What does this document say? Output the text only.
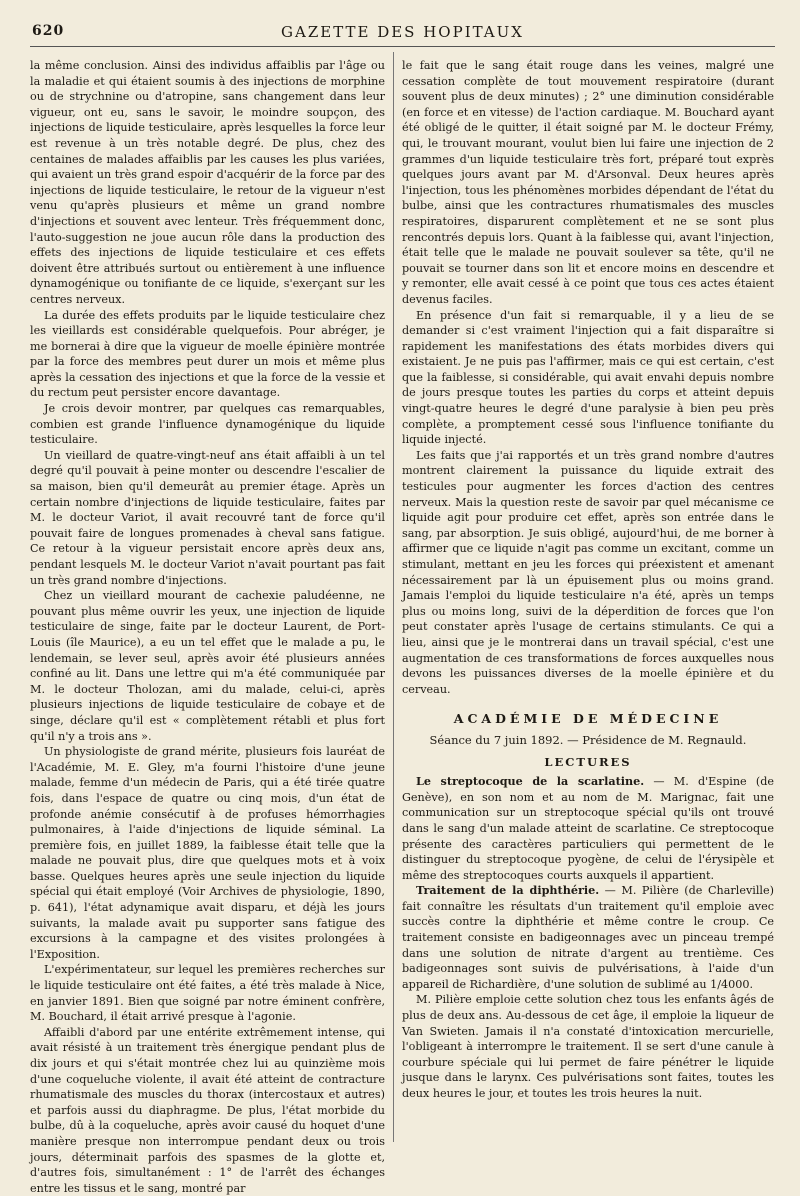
620	GAZETTE DES HOPITAUX

la même conclusion. Ainsi des individus affaiblis par l'âge ou la maladie et qui étaient soumis à des injections de morphine ou de strychnine ou d'atropine, sans changement dans leur vigueur, ont eu, sans le savoir, le moindre soupçon, des injections de liquide testiculaire, après lesquelles la force leur est revenue à un très notable degré. De plus, chez des centaines de malades affaiblis par les causes les plus variées, qui avaient un très grand espoir d'acquérir de la force par des injections de liquide testiculaire, le retour de la vigueur n'est venu qu'après plusieurs et même un grand nombre d'injections et souvent avec lenteur. Très fréquemment donc, l'auto-suggestion ne joue aucun rôle dans la production des effets des injections de liquide testiculaire et ces effets doivent être attribués surtout ou entièrement à une influence dynamogénique ou tonifiante de ce liquide, s'exerçant sur les centres nerveux.

La durée des effets produits par le liquide testiculaire chez les vieillards est considérable quelquefois. Pour abréger, je me bornerai à dire que la vigueur de moelle épinière montrée par la force des membres peut durer un mois et même plus après la cessation des injections et que la force de la vessie et du rectum peut persister encore davantage.

Je crois devoir montrer, par quelques cas remarquables, combien est grande l'influence dynamogénique du liquide testiculaire.

Un vieillard de quatre-vingt-neuf ans était affaibli à un tel degré qu'il pouvait à peine monter ou descendre l'escalier de sa maison, bien qu'il demeurât au premier étage. Après un certain nombre d'injections de liquide testiculaire, faites par M. le docteur Variot, il avait recouvré tant de force qu'il pouvait faire de longues promenades à cheval sans fatigue. Ce retour à la vigueur persistait encore après deux ans, pendant lesquels M. le docteur Variot n'avait pourtant pas fait un très grand nombre d'injections.

Chez un vieillard mourant de cachexie paludéenne, ne pouvant plus même ouvrir les yeux, une injection de liquide testiculaire de singe, faite par le docteur Laurent, de Port-Louis (île Maurice), a eu un tel effet que le malade a pu, le lendemain, se lever seul, après avoir été plusieurs années confiné au lit. Dans une lettre qui m'a été communiquée par M. le docteur Tholozan, ami du malade, celui-ci, après plusieurs injections de liquide testiculaire de cobaye et de singe, déclare qu'il est « complètement rétabli et plus fort qu'il n'y a trois ans ».

Un physiologiste de grand mérite, plusieurs fois lauréat de l'Académie, M. E. Gley, m'a fourni l'histoire d'une jeune malade, femme d'un médecin de Paris, qui a été tirée quatre fois, dans l'espace de quatre ou cinq mois, d'un état de profonde anémie consécutif à de profuses hémorrhagies pulmonaires, à l'aide d'injections de liquide séminal. La première fois, en juillet 1889, la faiblesse était telle que la malade ne pouvait plus, dire que quelques mots et à voix basse. Quelques heures après une seule injection du liquide spécial qui était employé (Voir Archives de physiologie, 1890, p. 641), l'état adynamique avait disparu, et déjà les jours suivants, la malade avait pu supporter sans fatigue des excursions à la campagne et des visites prolongées à l'Exposition.

L'expérimentateur, sur lequel les premières recherches sur le liquide testiculaire ont été faites, a été très malade à Nice, en janvier 1891. Bien que soigné par notre éminent confrère, M. Bouchard, il était arrivé presque à l'agonie.

Affaibli d'abord par une entérite extrêmement intense, qui avait résisté à un traitement très énergique pendant plus de dix jours et qui s'était montrée chez lui au quinzième mois d'une coqueluche violente, il avait été atteint de contracture rhumatismale des muscles du thorax (intercostaux et autres) et parfois aussi du diaphragme. De plus, l'état morbide du bulbe, dû à la coqueluche, après avoir causé du hoquet d'une manière presque non interrompue pendant deux ou trois jours, déterminait parfois des spasmes de la glotte et, d'autres fois, simultanément : 1° de l'arrêt des échanges entre les tissus et le sang, montré par

le fait que le sang était rouge dans les veines, malgré une cessation complète de tout mouvement respiratoire (durant souvent plus de deux minutes) ; 2° une diminution considérable (en force et en vitesse) de l'action cardiaque. M. Bouchard ayant été obligé de le quitter, il était soigné par M. le docteur Frémy, qui, le trouvant mourant, voulut bien lui faire une injection de 2 grammes d'un liquide testiculaire très fort, préparé tout exprès quelques jours avant par M. d'Arsonval. Deux heures après l'injection, tous les phénomènes morbides dépendant de l'état du bulbe, ainsi que les contractures rhumatismales des muscles respiratoires, disparurent complètement et ne se sont plus rencontrés depuis lors. Quant à la faiblesse qui, avant l'injection, était telle que le malade ne pouvait soulever sa tête, qu'il ne pouvait se tourner dans son lit et encore moins en descendre et y remonter, elle avait cessé à ce point que tous ces actes étaient devenus faciles.

En présence d'un fait si remarquable, il y a lieu de se demander si c'est vraiment l'injection qui a fait disparaître si rapidement les manifestations des états morbides divers qui existaient. Je ne puis pas l'affirmer, mais ce qui est certain, c'est que la faiblesse, si considérable, qui avait envahi depuis nombre de jours presque toutes les parties du corps et atteint depuis vingt-quatre heures le degré d'une paralysie à bien peu près complète, a promptement cessé sous l'influence tonifiante du liquide injecté.

Les faits que j'ai rapportés et un très grand nombre d'autres montrent clairement la puissance du liquide extrait des testicules pour augmenter les forces d'action des centres nerveux. Mais la question reste de savoir par quel mécanisme ce liquide agit pour produire cet effet, après son entrée dans le sang, par absorption. Je suis obligé, aujourd'hui, de me borner à affirmer que ce liquide n'agit pas comme un excitant, comme un stimulant, mettant en jeu les forces qui préexistent et amenant nécessairement par là un épuisement plus ou moins grand. Jamais l'emploi du liquide testiculaire n'a été, après un temps plus ou moins long, suivi de la déperdition de forces que l'on peut constater après l'usage de certains stimulants. Ce qui a lieu, ainsi que je le montrerai dans un travail spécial, c'est une augmentation de ces transformations de forces auxquelles nous devons les puissances diverses de la moelle épinière et du cerveau.

ACADÉMIE DE MÉDECINE
Séance du 7 juin 1892. — Présidence de M. Regnauld.
LECTURES

Le streptocoque de la scarlatine. — M. d'Espine (de Genève), en son nom et au nom de M. Marignac, fait une communication sur un streptocoque spécial qu'ils ont trouvé dans le sang d'un malade atteint de scarlatine. Ce streptocoque présente des caractères particuliers qui permettent de le distinguer du streptocoque pyogène, de celui de l'érysipèle et même des streptocoques courts auxquels il appartient.

Traitement de la diphthérie. — M. Pilière (de Charleville) fait connaître les résultats d'un traitement qu'il emploie avec succès contre la diphthérie et même contre le croup. Ce traitement consiste en badigeonnages avec un pinceau trempé dans une solution de nitrate d'argent au trentième. Ces badigeonnages sont suivis de pulvérisations, à l'aide d'un appareil de Richardière, d'une solution de sublimé au 1/4000.

M. Pilière emploie cette solution chez tous les enfants âgés de plus de deux ans. Au-dessous de cet âge, il emploie la liqueur de Van Swieten. Jamais il n'a constaté d'intoxication mercurielle, l'obligeant à interrompre le traitement. Il se sert d'une canule à courbure spéciale qui lui permet de faire pénétrer le liquide jusque dans le larynx. Ces pulvérisations sont faites, toutes les deux heures le jour, et toutes les trois heures la nuit.
